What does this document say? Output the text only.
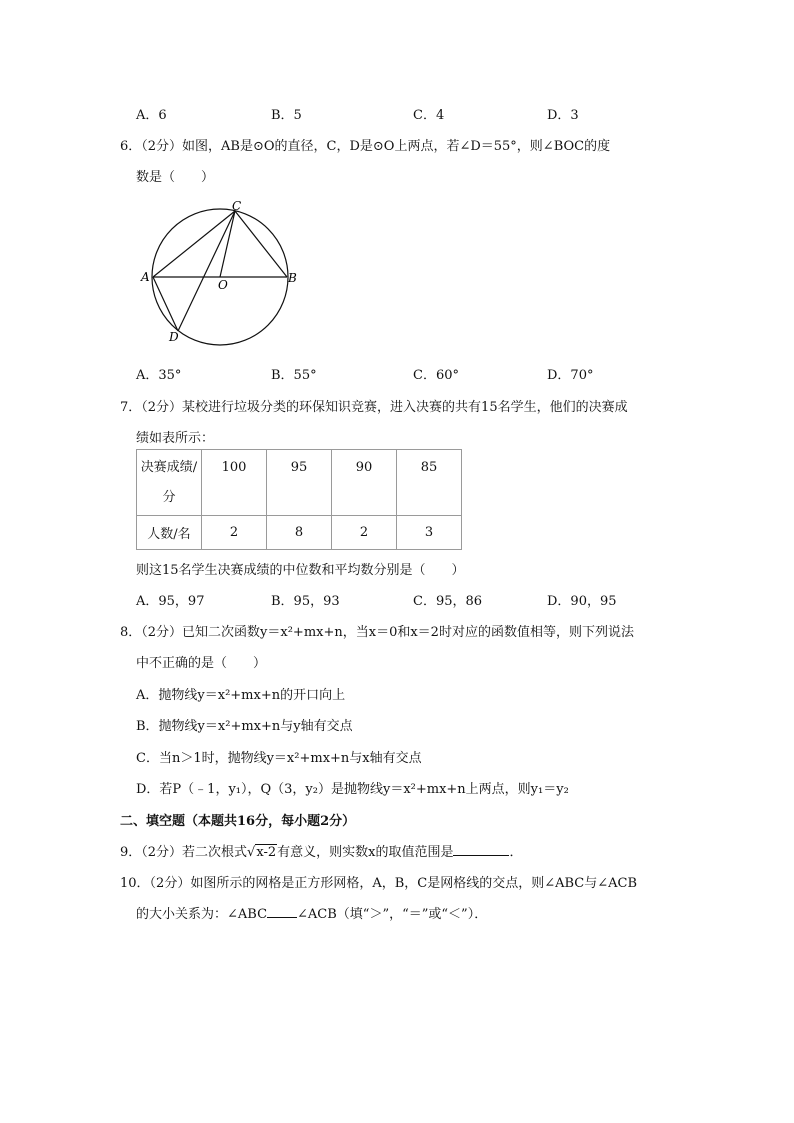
A．6	B．5	C．4	D．3
6．（2分）如图，AB是⊙O的直径，C，D是⊙O上两点，若∠D＝55°，则∠BOC的度
数是（　　）
C
A	B
O
D
A．35°	B．55°	C．60°	D．70°
7．（2分）某校进行垃圾分类的环保知识竞赛，进入决赛的共有15名学生，他们的决赛成
绩如表所示：
决赛成绩/
分	100	95	90	85
人数/名	2	8	2	3
则这15名学生决赛成绩的中位数和平均数分别是（　　）
A．95，97	B．95，93	C．95，86	D．90，95
8．（2分）已知二次函数y＝x²+mx+n，当x＝0和x＝2时对应的函数值相等，则下列说法
中不正确的是（　　）
A．抛物线y＝x²+mx+n的开口向上
B．抛物线y＝x²+mx+n与y轴有交点
C．当n＞1时，抛物线y＝x²+mx+n与x轴有交点
D．若P（﹣1，y₁），Q（3，y₂）是抛物线y＝x²+mx+n上两点，则y₁＝y₂
二、填空题（本题共16分，每小题2分）
9．（2分）若二次根式√x-2有意义，则实数x的取值范围是	．
10．（2分）如图所示的网格是正方形网格，A，B，C是网格线的交点，则∠ABC与∠ACB
的大小关系为：∠ABC ∠ACB（填“＞”，“＝”或“＜”）．
